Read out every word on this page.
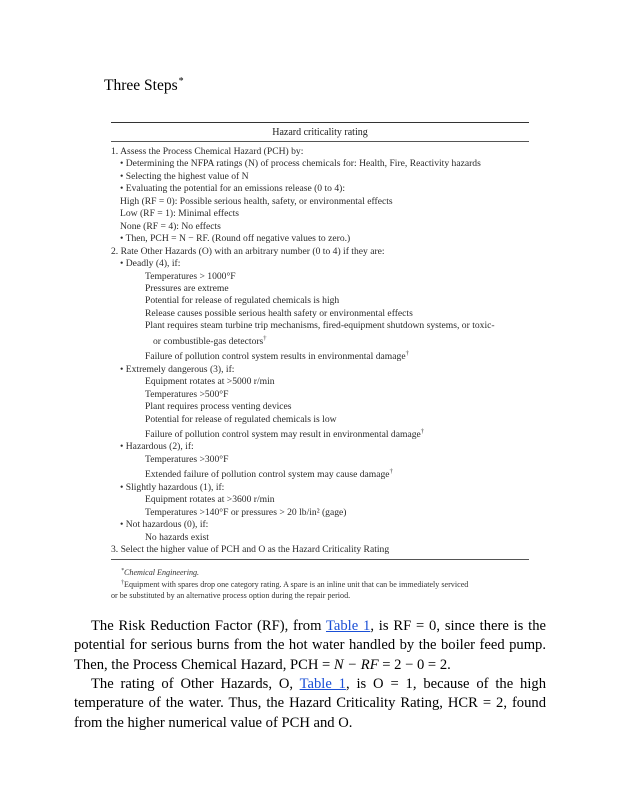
Three Steps*
Hazard criticality rating
1. Assess the Process Chemical Hazard (PCH) by:
• Determining the NFPA ratings (N) of process chemicals for: Health, Fire, Reactivity hazards
• Selecting the highest value of N
• Evaluating the potential for an emissions release (0 to 4):
High (RF = 0): Possible serious health, safety, or environmental effects
Low (RF = 1): Minimal effects
None (RF = 4): No effects
• Then, PCH = N − RF. (Round off negative values to zero.)
2. Rate Other Hazards (O) with an arbitrary number (0 to 4) if they are:
• Deadly (4), if:
Temperatures > 1000°F
Pressures are extreme
Potential for release of regulated chemicals is high
Release causes possible serious health safety or environmental effects
Plant requires steam turbine trip mechanisms, fired-equipment shutdown systems, or toxic-
or combustible-gas detectors†
Failure of pollution control system results in environmental damage†
• Extremely dangerous (3), if:
Equipment rotates at >5000 r/min
Temperatures >500°F
Plant requires process venting devices
Potential for release of regulated chemicals is low
Failure of pollution control system may result in environmental damage†
• Hazardous (2), if:
Temperatures >300°F
Extended failure of pollution control system may cause damage†
• Slightly hazardous (1), if:
Equipment rotates at >3600 r/min
Temperatures >140°F or pressures > 20 lb/in² (gage)
• Not hazardous (0), if:
No hazards exist
3. Select the higher value of PCH and O as the Hazard Criticality Rating
*Chemical Engineering.
†Equipment with spares drop one category rating. A spare is an inline unit that can be immediately serviced
or be substituted by an alternative process option during the repair period.
The Risk Reduction Factor (RF), from Table 1, is RF = 0, since there is the potential for serious burns from the hot water handled by the boiler feed pump. Then, the Process Chemical Hazard, PCH = N − RF = 2 − 0 = 2.
The rating of Other Hazards, O, Table 1, is O = 1, because of the high temperature of the water. Thus, the Hazard Criticality Rating, HCR = 2, found from the higher numerical value of PCH and O.
